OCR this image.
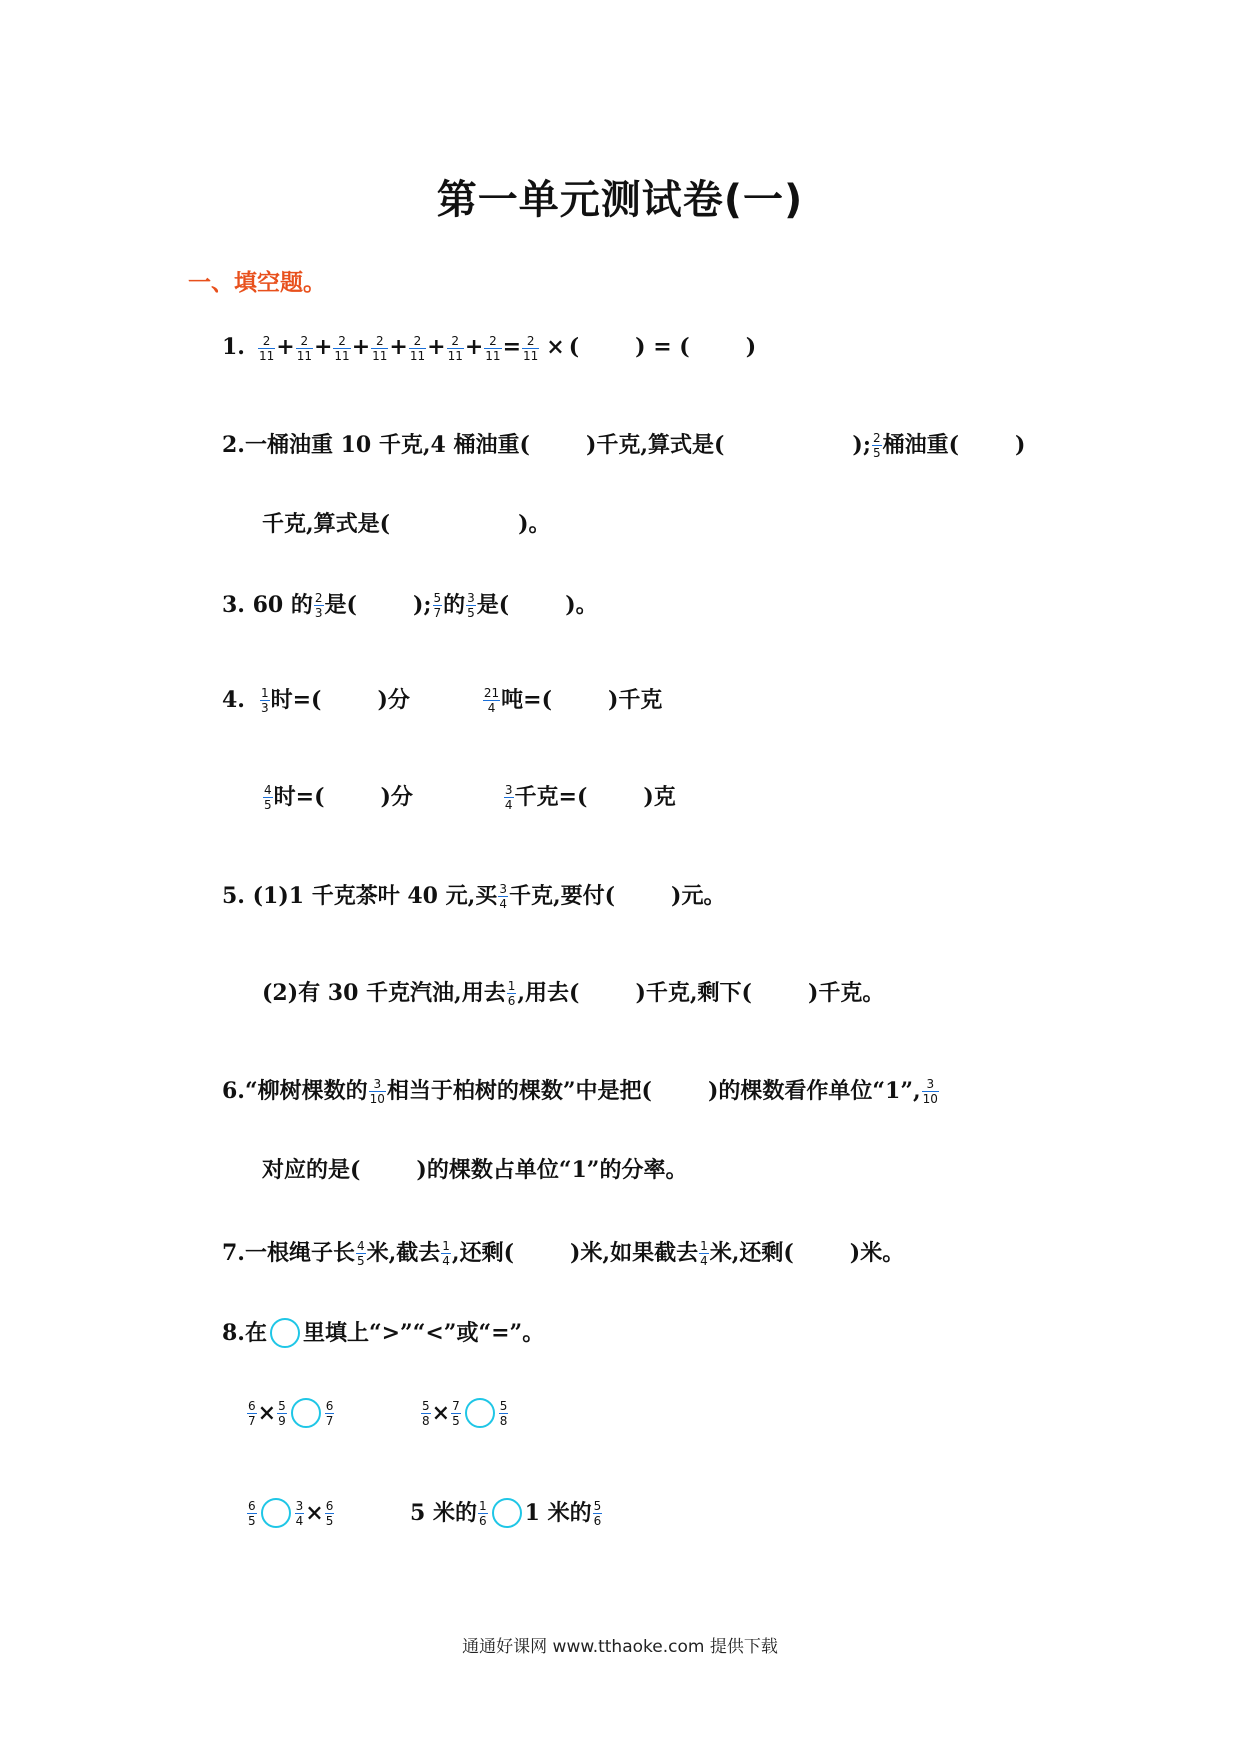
第一单元测试卷(一)
一、填空题。
1. $\frac{2}{11} + \frac{2}{11} + \frac{2}{11} + \frac{2}{11} + \frac{2}{11} + \frac{2}{11} + \frac{2}{11} = \frac{2}{11}$ × (	) = (	)
2.一桶油重 10 千克,4 桶油重(	)千克,算式是(	); $\frac{2}{5}$ 桶油重(	)
千克,算式是(	)。
3. 60 的 $\frac{2}{3}$ 是(	); $\frac{5}{7}$ 的 $\frac{3}{5}$ 是(	)。
4. $\frac{1}{3}$ 时=(	)分	$\frac{21}{4}$ 吨=(	)千克
$\frac{4}{5}$ 时=(	)分	$\frac{3}{4}$ 千克=(	)克
5. (1)1 千克茶叶 40 元,买 $\frac{3}{4}$ 千克,要付(	)元。
(2)有 30 千克汽油,用去 $\frac{1}{6}$ ,用去(	)千克,剩下(	)千克。
6.“柳树棵数的 $\frac{3}{10}$ 相当于柏树的棵数”中是把(	)的棵数看作单位“1”, $\frac{3}{10}$
对应的是(	)的棵数占单位“1”的分率。
7.一根绳子长 $\frac{4}{5}$ 米,截去 $\frac{1}{4}$ ,还剩(	)米,如果截去 $\frac{1}{4}$ 米,还剩(	)米。
8.在 里填上“>”“<”或“=”。
$\frac{6}{7} \times \frac{5}{9}$	$\frac{6}{7}$	$\frac{5}{8} \times \frac{7}{5}$	$\frac{5}{8}$
$\frac{6}{5}$	$\frac{3}{4} \times \frac{6}{5}$	5 米的 $\frac{1}{6} 1$ 米的 $\frac{5}{6}$
通通好课网 www.tthaoke.com 提供下载
